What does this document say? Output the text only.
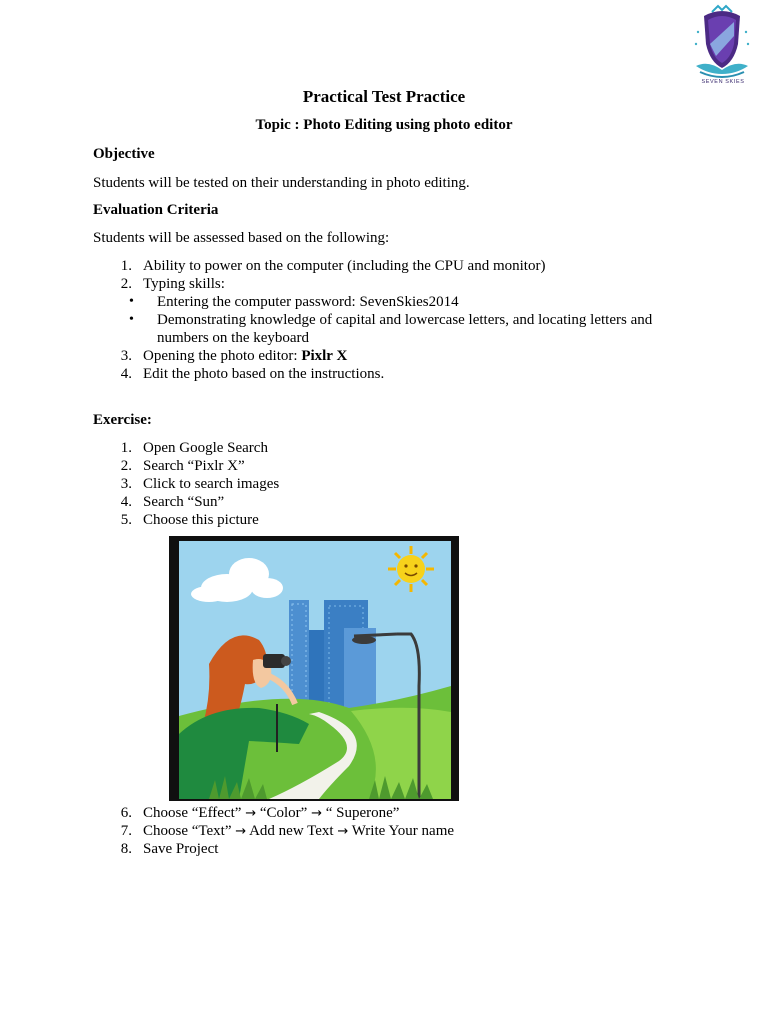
SEVEN SKIES
Practical Test Practice
Topic : Photo Editing using photo editor
Objective
Students will be tested on their understanding in photo editing.
Evaluation Criteria
Students will be assessed based on the following:
1. Ability to power on the computer (including the CPU and monitor)
2. Typing skills:
• Entering the computer password: SevenSkies2014
• Demonstrating knowledge of capital and lowercase letters, and locating letters and
numbers on the keyboard
3. Opening the photo editor: Pixlr X
4. Edit the photo based on the instructions.
Exercise:
1. Open Google Search
2. Search “Pixlr X”
3. Click to search images
4. Search “Sun”
5. Choose this picture
6. Choose “Effect” → “Color” → “ Superone”
7. Choose “Text” → Add new Text → Write Your name
8. Save Project
